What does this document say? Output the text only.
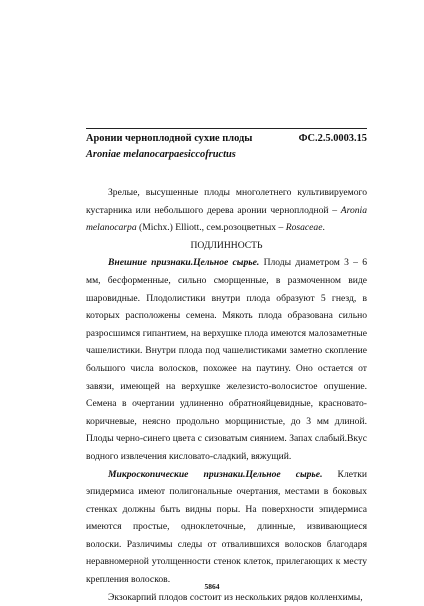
Аронии черноплодной сухие плоды	ФС.2.5.0003.15
Aroniae melanocarpaesiccofructus

Зрелые, высушенные плоды многолетнего культивируемого кустарника или небольшого дерева аронии черноплодной – Aronia melanocarpa (Michx.) Elliott., сем.розоцветных – Rosaceae.

ПОДЛИННОСТЬ

Внешние признаки.Цельное сырье. Плоды диаметром 3 – 6 мм, бесформенные, сильно сморщенные, в размоченном виде шаровидные. Плодолистики внутри плода образуют 5 гнезд, в которых расположены семена. Мякоть плода образована сильно разросшимся гипантием, на верхушке плода имеются малозаметные чашелистики. Внутри плода под чашелистиками заметно скопление большого числа волосков, похожее на паутину. Оно остается от завязи, имеющей на верхушке железисто-волосистое опушение. Семена в очертании удлиненно обратнояйцевидные, красновато-коричневые, неясно продольно морщинистые, до 3 мм длиной. Плоды черно-синего цвета с сизоватым сиянием. Запах слабый.Вкус водного извлечения кисловато-сладкий, вяжущий.

Микроскопические признаки.Цельное сырье. Клетки эпидермиса имеют полигональные очертания, местами в боковых стенках должны быть видны поры. На поверхности эпидермиса имеются простые, одноклеточные, длинные, извивающиеся волоски. Различимы следы от отвалившихся волосков благодаря неравномерной утолщенности стенок клеток, прилегающих к месту крепления волосков.

Экзокарпий плодов состоит из нескольких рядов колленхимы,

5864
